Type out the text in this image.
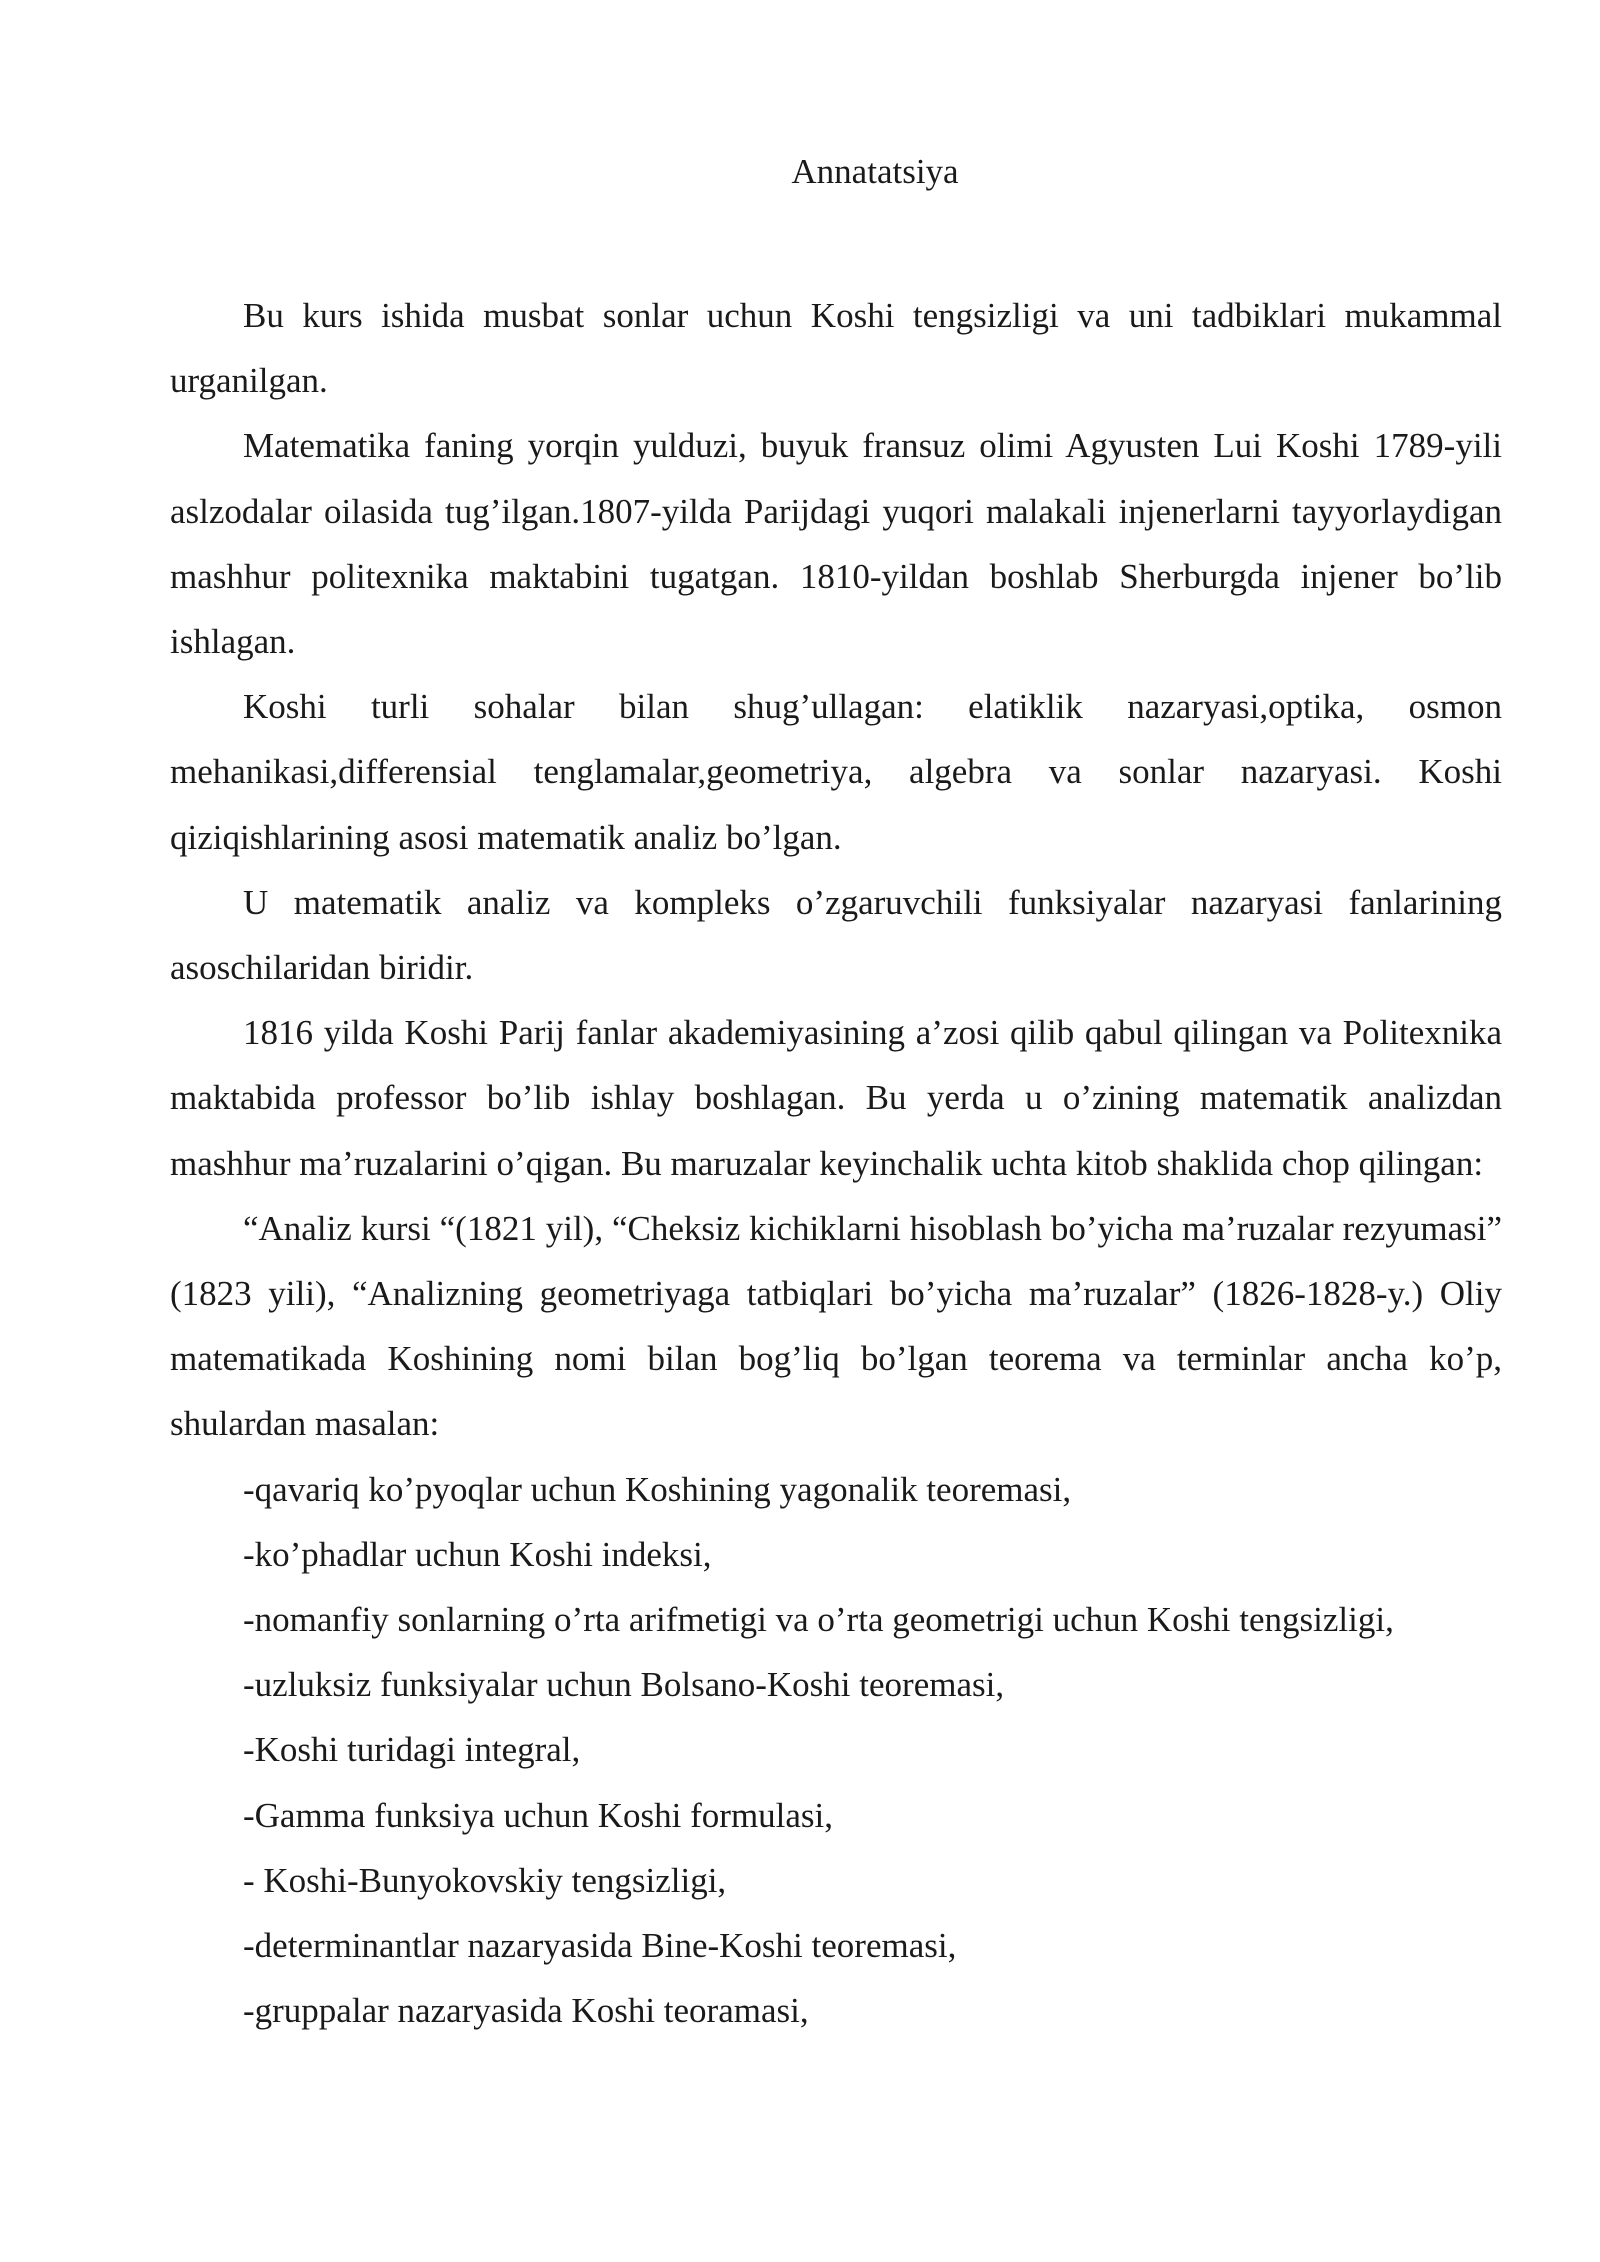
Annatatsiya

Bu kurs ishida musbat sonlar uchun Koshi tengsizligi va uni tadbiklari mukammal urganilgan.

Matematika faning yorqin yulduzi, buyuk fransuz olimi Agyusten Lui Koshi 1789-yili aslzodalar oilasida tug’ilgan.1807-yilda Parijdagi yuqori malakali injenerlarni tayyorlaydigan mashhur politexnika maktabini tugatgan. 1810-yildan boshlab Sherburgda injener bo’lib ishlagan.

Koshi turli sohalar bilan shug’ullagan: elatiklik nazaryasi,optika, osmon mehanikasi,differensial tenglamalar,geometriya, algebra va sonlar nazaryasi. Koshi qiziqishlarining asosi matematik analiz bo’lgan.

U matematik analiz va kompleks o’zgaruvchili funksiyalar nazaryasi fanlarining asoschilaridan biridir.

1816 yilda Koshi Parij fanlar akademiyasining a’zosi qilib qabul qilingan va Politexnika maktabida professor bo’lib ishlay boshlagan. Bu yerda u o’zining matematik analizdan mashhur ma’ruzalarini o’qigan. Bu maruzalar keyinchalik uchta kitob shaklida chop qilingan:

“Analiz kursi “(1821 yil), “Cheksiz kichiklarni hisoblash bo’yicha ma’ruzalar rezyumasi” (1823 yili), “Analizning geometriyaga tatbiqlari bo’yicha ma’ruzalar” (1826-1828-y.) Oliy matematikada Koshining nomi bilan bog’liq bo’lgan teorema va terminlar ancha ko’p, shulardan masalan:

-qavariq ko’pyoqlar uchun Koshining yagonalik teoremasi,

-ko’phadlar uchun Koshi indeksi,

-nomanfiy sonlarning o’rta arifmetigi va o’rta geometrigi uchun Koshi tengsizligi,

-uzluksiz funksiyalar uchun Bolsano-Koshi teoremasi,

-Koshi turidagi integral,

-Gamma funksiya uchun Koshi formulasi,

- Koshi-Bunyokovskiy tengsizligi,

-determinantlar nazaryasida Bine-Koshi teoremasi,

-gruppalar nazaryasida Koshi teoramasi,
